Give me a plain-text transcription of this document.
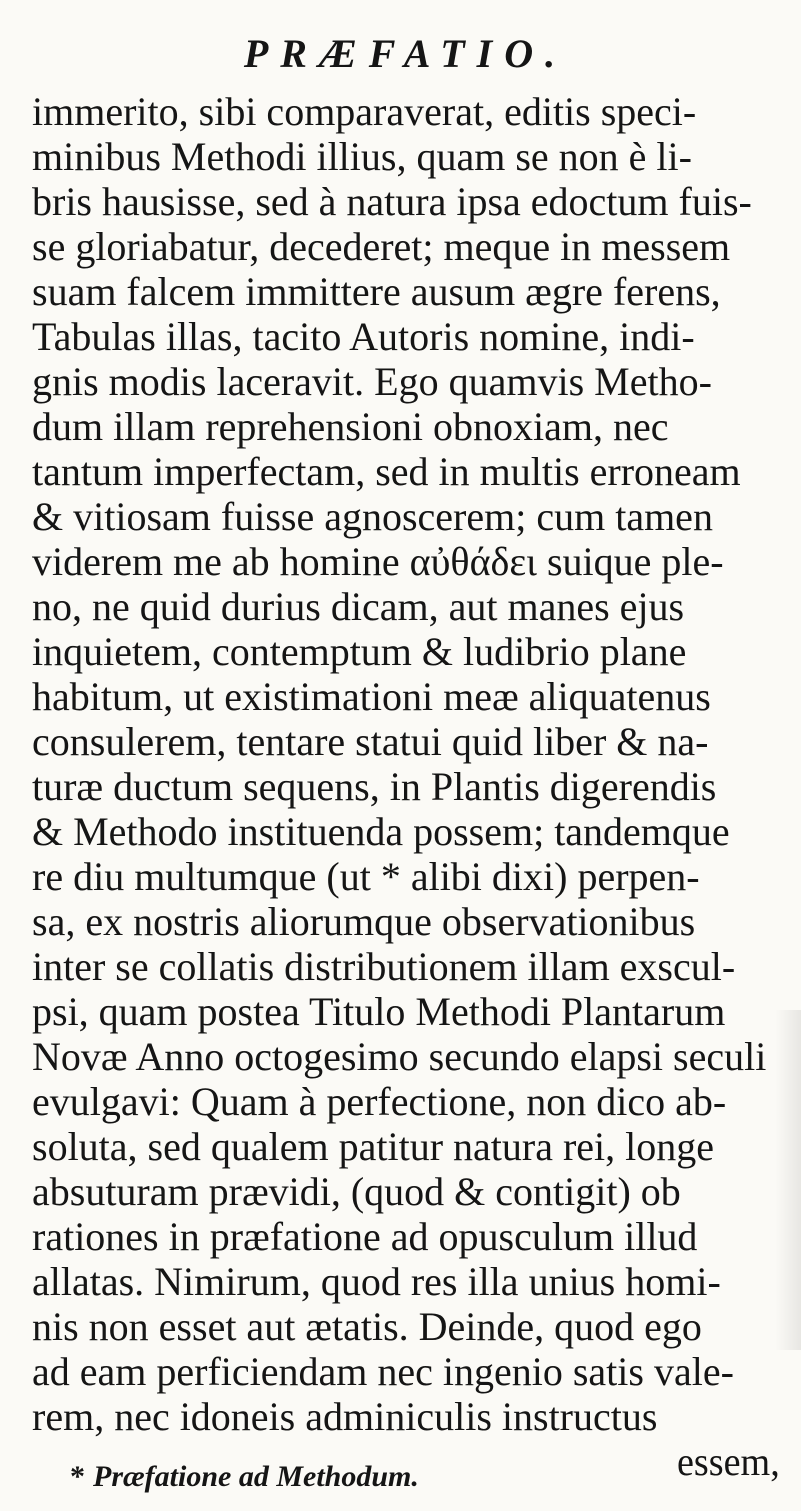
PRÆFATIO.
immerito, sibi comparaverat, editis speci-
minibus Methodi illius, quam se non è li-
bris hausisse, sed à natura ipsa edoctum fuis-
se gloriabatur, decederet; meque in messem
suam falcem immittere ausum ægre ferens,
Tabulas illas, tacito Autoris nomine, indi-
gnis modis laceravit. Ego quamvis Metho-
dum illam reprehensioni obnoxiam, nec
tantum imperfectam, sed in multis erroneam
& vitiosam fuisse agnoscerem; cum tamen
viderem me ab homine αὐθάδει suique ple-
no, ne quid durius dicam, aut manes ejus
inquietem, contemptum & ludibrio plane
habitum, ut existimationi meæ aliquatenus
consulerem, tentare statui quid liber & na-
turæ ductum sequens, in Plantis digerendis
& Methodo instituenda possem; tandemque
re diu multumque (ut * alibi dixi) perpen-
sa, ex nostris aliorumque observationibus
inter se collatis distributionem illam exscul-
psi, quam postea Titulo Methodi Plantarum
Novæ Anno octogesimo secundo elapsi seculi
evulgavi: Quam à perfectione, non dico ab-
soluta, sed qualem patitur natura rei, longe
absuturam prævidi, (quod & contigit) ob
rationes in præfatione ad opusculum illud
allatas. Nimirum, quod res illa unius homi-
nis non esset aut ætatis. Deinde, quod ego
ad eam perficiendam nec ingenio satis vale-
rem, nec idoneis adminiculis instructus
essem,
* Præfatione ad Methodum.
